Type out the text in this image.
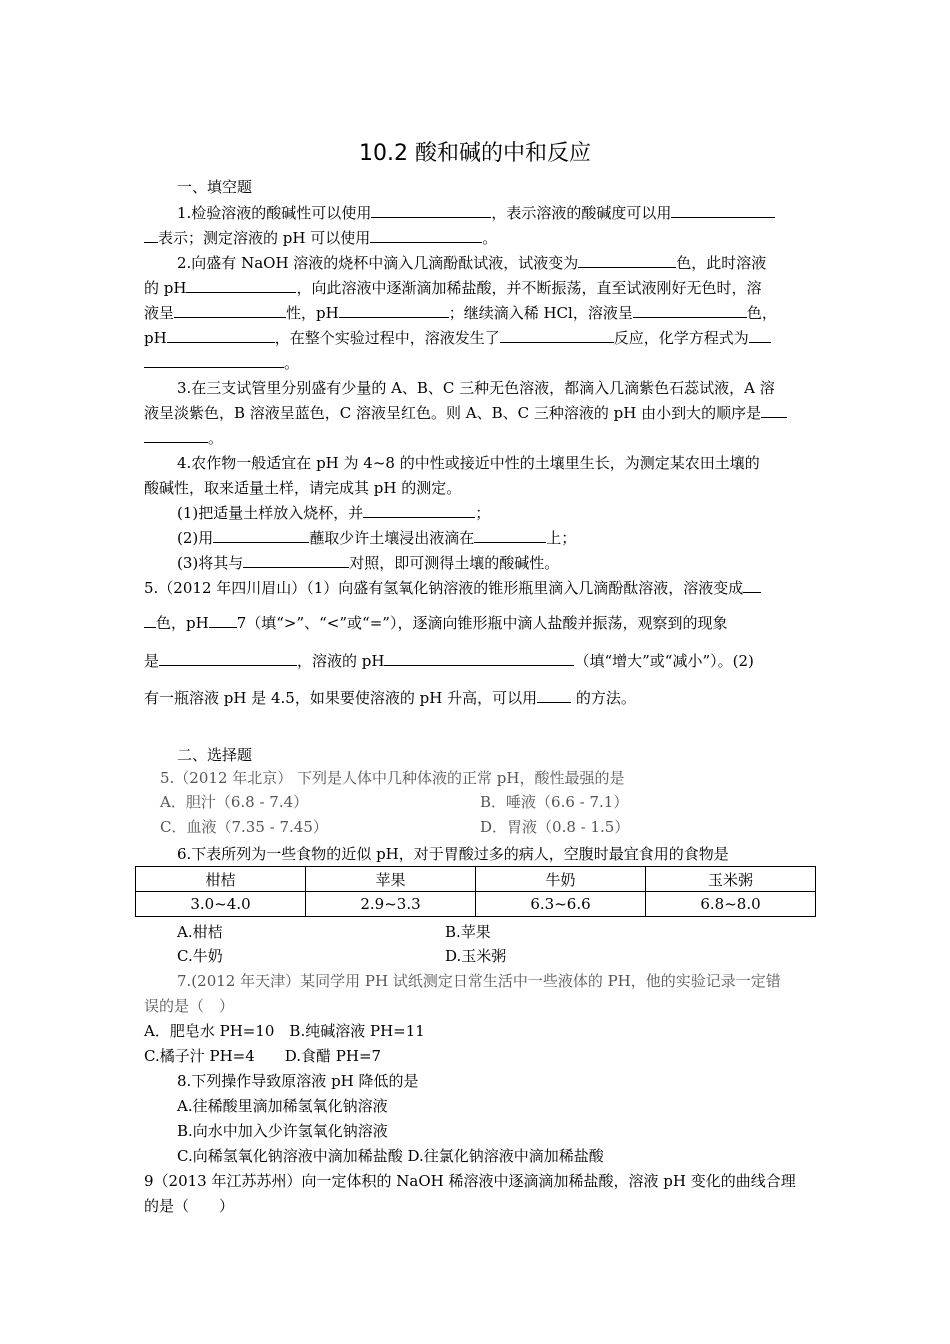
10.2 酸和碱的中和反应
一、填空题
1.检验溶液的酸碱性可以使用	，表示溶液的酸碱度可以用
表示；测定溶液的 pH 可以使用	。
2.向盛有 NaOH 溶液的烧杯中滴入几滴酚酞试液，试液变为	色，此时溶液
的 pH	，向此溶液中逐渐滴加稀盐酸，并不断振荡，直至试液刚好无色时，溶
液呈	性，pH	；继续滴入稀 HCl，溶液呈	色，
pH	，在整个实验过程中，溶液发生了	反应，化学方程式为
。
3.在三支试管里分别盛有少量的 A、B、C 三种无色溶液，都滴入几滴紫色石蕊试液，A 溶
液呈淡紫色，B 溶液呈蓝色，C 溶液呈红色。则 A、B、C 三种溶液的 pH 由小到大的顺序是
。
4.农作物一般适宜在 pH 为 4~8 的中性或接近中性的土壤里生长，为测定某农田土壤的
酸碱性，取来适量土样，请完成其 pH 的测定。
(1)把适量土样放入烧杯，并	；
(2)用	蘸取少许土壤浸出液滴在	上；
(3)将其与	对照，即可测得土壤的酸碱性。
5.（2012 年四川眉山）（1）向盛有氢氧化钠溶液的锥形瓶里滴入几滴酚酞溶液，溶液变成
色，pH 7（填“>”、“<”或“=”），逐滴向锥形瓶中滴人盐酸并振荡，观察到的现象
是	，溶液的 pH	（填“增大”或“减小”）。(2)
有一瓶溶液 pH 是 4.5，如果要使溶液的 pH 升高，可以用 的方法。
二、选择题
5.（2012 年北京） 下列是人体中几种体液的正常 pH，酸性最强的是
A．胆汁（6.8 - 7.4）	B．唾液（6.6 - 7.1）
C．血液（7.35 - 7.45）	D．胃液（0.8 - 1.5）
6.下表所列为一些食物的近似 pH，对于胃酸过多的病人，空腹时最宜食用的食物是
柑桔	苹果	牛奶	玉米粥
3.0~4.0	2.9~3.3	6.3~6.6	6.8~8.0
A.柑桔	B.苹果
C.牛奶	D.玉米粥
7.(2012 年天津）某同学用 PH 试纸测定日常生活中一些液体的 PH，他的实验记录一定错
误的是（　）
A．肥皂水 PH=10　B.纯碱溶液 PH=11
C.橘子汁 PH=4　　D.食醋 PH=7
8.下列操作导致原溶液 pH 降低的是
A.往稀酸里滴加稀氢氧化钠溶液
B.向水中加入少许氢氧化钠溶液
C.向稀氢氧化钠溶液中滴加稀盐酸 D.往氯化钠溶液中滴加稀盐酸
9（2013 年江苏苏州）向一定体积的 NaOH 稀溶液中逐滴滴加稀盐酸，溶液 pH 变化的曲线合理
的是（　　）
